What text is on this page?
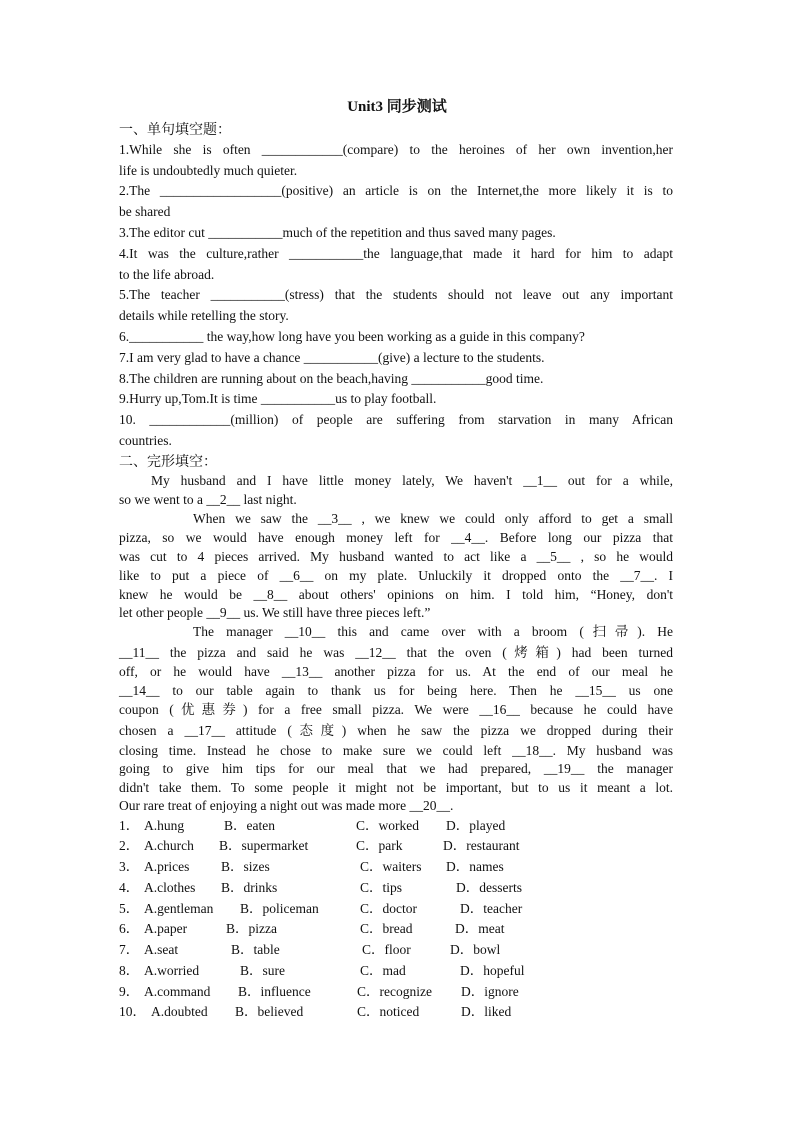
Unit3 同步测试
一、单句填空题：
1.While she is often ____________(compare) to the heroines of her own invention,her
life is undoubtedly much quieter.
2.The __________________(positive) an article is on the Internet,the more likely it is to
be shared
3.The editor cut ___________much of the repetition and thus saved many pages.
4.It was the culture,rather ___________the language,that made it hard for him to adapt
to the life abroad.
5.The teacher ___________(stress) that the students should not leave out any important
details while retelling the story.
6.___________ the way,how long have you been working as a guide in this company?
7.I am very glad to have a chance ___________(give) a lecture to the students.
8.The children are running about on the beach,having ___________good time.
9.Hurry up,Tom.It is time ___________us to play football.
10. ____________(million) of people are suffering from starvation in many African
countries.
二、完形填空：
My husband and I have little money lately, We haven't __1__ out for a while,
so we went to a __2__ last night.
When we saw the __3__ , we knew we could only afford to get a small
pizza, so we would have enough money left for __4__. Before long our pizza that
was cut to 4 pieces arrived. My husband wanted to act like a __5__ , so he would
like to put a piece of __6__ on my plate. Unluckily it dropped onto the __7__. I
knew he would be __8__ about others' opinions on him. I told him, “Honey, don't
let other people __9__ us. We still have three pieces left.”
The manager __10__ this and came over with a broom (扫帚). He
__11__ the pizza and said he was __12__ that the oven (烤箱) had been turned
off, or he would have __13__ another pizza for us. At the end of our meal he
__14__ to our table again to thank us for being here. Then he __15__ us one
coupon (优惠券) for a free small pizza. We were __16__ because he could have
chosen a __17__ attitude (态度) when he saw the pizza we dropped during their
closing time. Instead he chose to make sure we could left __18__. My husband was
going to give him tips for our meal that we had prepared, __19__ the manager
didn't take them. To some people it might not be important, but to us it meant a lot.
Our rare treat of enjoying a night out was made more __20__.
1． A.hung	B．eaten	C．worked D．played
2． A.church B．supermarket	C．park	D．restaurant
3． A.prices B．sizes	C．waiters D．names
4． A.clothes B．drinks	C．tips	D．desserts
5． A.gentleman B．policeman	C．doctor	D．teacher
6． A.paper	B．pizza	C．bread	D．meat
7． A.seat	B．table	C．floor	D．bowl
8． A.worried	B．sure	C．mad	D．hopeful
9． A.command B．influence	C．recognize D．ignore
10． A.doubted B．believed	C．noticed	D．liked
